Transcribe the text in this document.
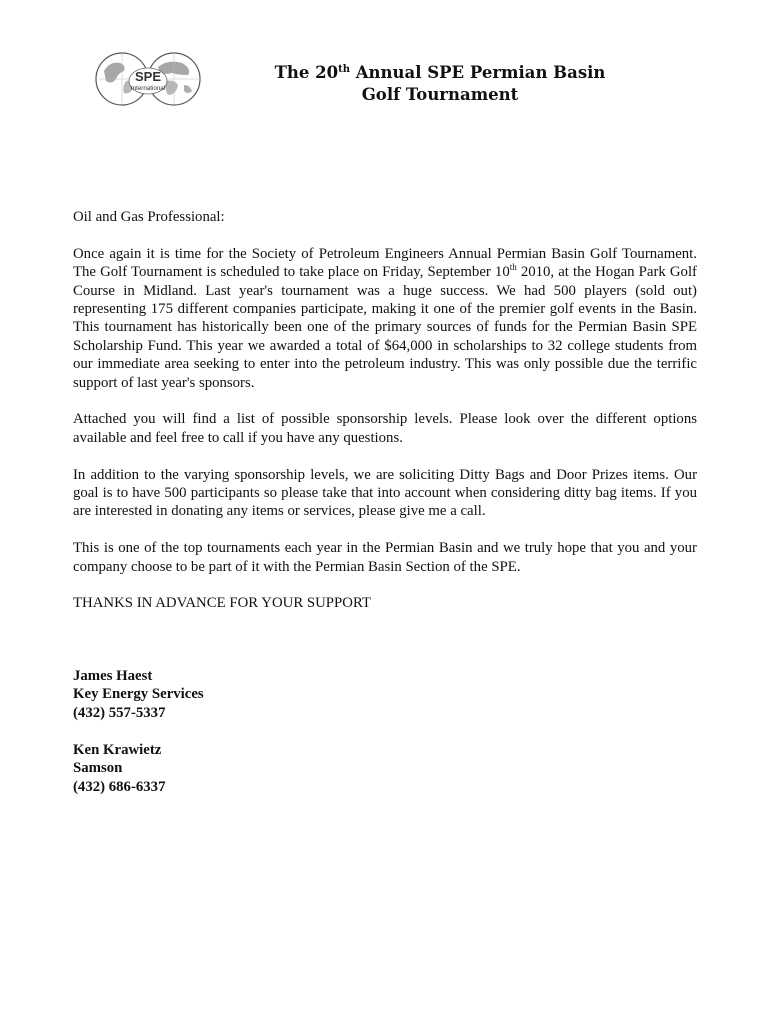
SPE
International
The 20th Annual SPE Permian Basin
Golf Tournament

Oil and Gas Professional:

Once again it is time for the Society of Petroleum Engineers Annual Permian Basin Golf Tournament. The Golf Tournament is scheduled to take place on Friday, September 10th 2010, at the Hogan Park Golf Course in Midland. Last year's tournament was a huge success. We had 500 players (sold out) representing 175 different companies participate, making it one of the premier golf events in the Basin. This tournament has historically been one of the primary sources of funds for the Permian Basin SPE Scholarship Fund. This year we awarded a total of $64,000 in scholarships to 32 college students from our immediate area seeking to enter into the petroleum industry. This was only possible due the terrific support of last year's sponsors.

Attached you will find a list of possible sponsorship levels. Please look over the different options available and feel free to call if you have any questions.

In addition to the varying sponsorship levels, we are soliciting Ditty Bags and Door Prizes items. Our goal is to have 500 participants so please take that into account when considering ditty bag items. If you are interested in donating any items or services, please give me a call.

This is one of the top tournaments each year in the Permian Basin and we truly hope that you and your company choose to be part of it with the Permian Basin Section of the SPE.

THANKS IN ADVANCE FOR YOUR SUPPORT

James Haest
Key Energy Services
(432) 557-5337
Ken Krawietz
Samson
(432) 686-6337
